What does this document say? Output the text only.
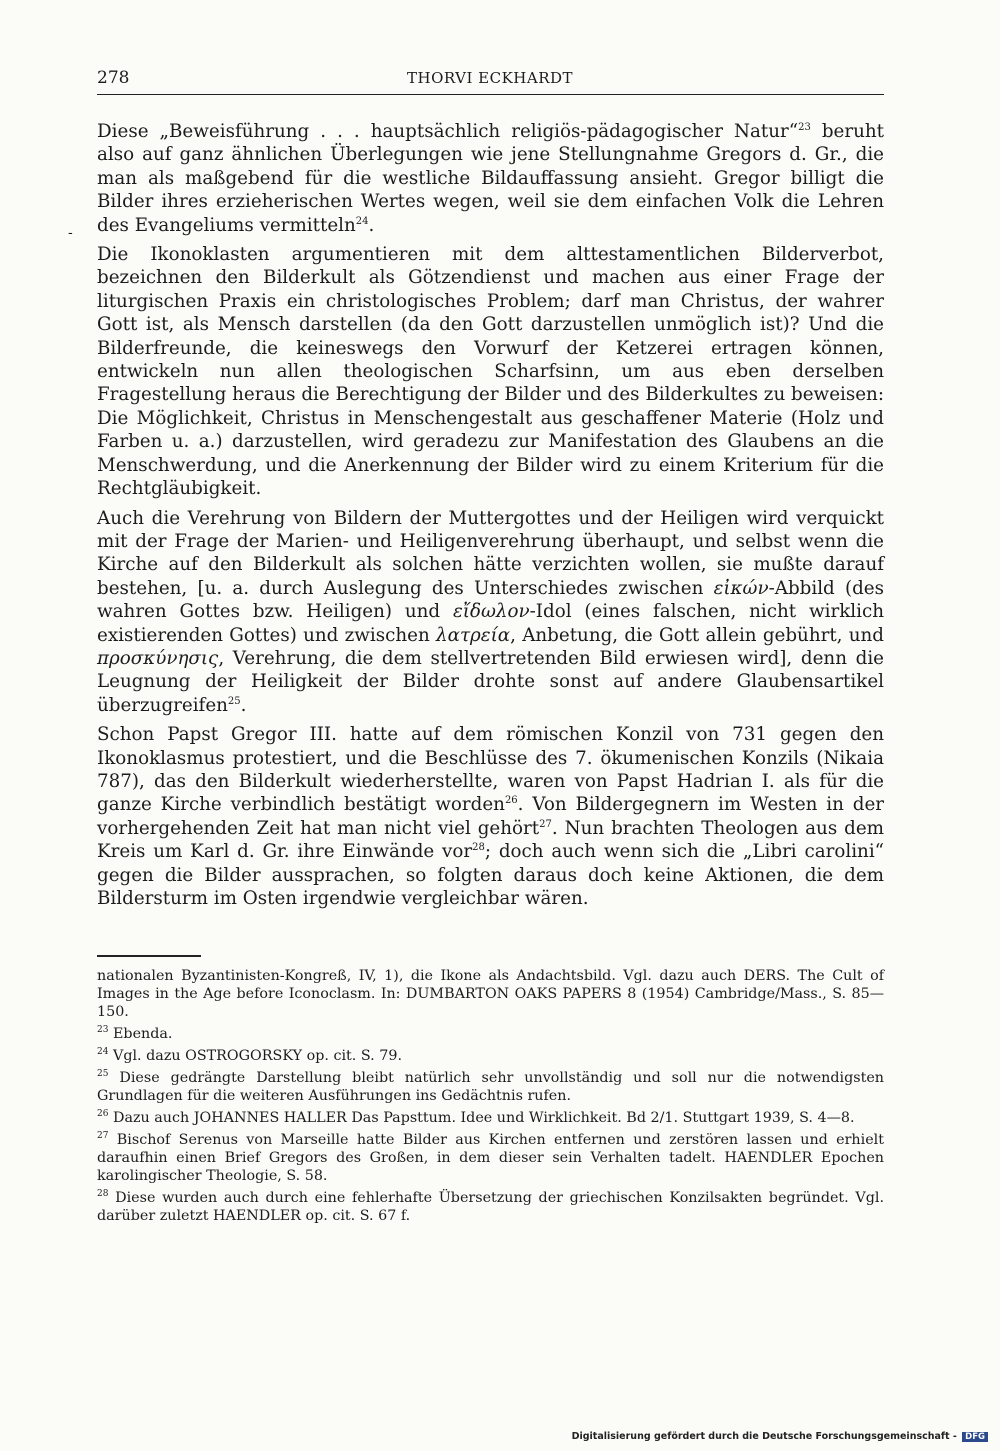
278	THORVI ECKHARDT
-

Diese „Beweisführung . . . hauptsächlich religiös-pädagogischer Natur“$^{23}$ beruht also auf ganz ähnlichen Überlegungen wie jene Stellungnahme Gregors d. Gr., die man als maßgebend für die westliche Bildauffassung ansieht. Gregor billigt die Bilder ihres erzieherischen Wertes wegen, weil sie dem einfachen Volk die Lehren des Evangeliums vermitteln$^{24}$.

Die Ikonoklasten argumentieren mit dem alttestamentlichen Bilderverbot, bezeichnen den Bilderkult als Götzendienst und machen aus einer Frage der liturgischen Praxis ein christologisches Problem; darf man Christus, der wahrer Gott ist, als Mensch darstellen (da den Gott darzustellen unmöglich ist)? Und die Bilderfreunde, die keineswegs den Vorwurf der Ketzerei ertragen können, entwickeln nun allen theologischen Scharfsinn, um aus eben derselben Fragestellung heraus die Berechtigung der Bilder und des Bilderkultes zu beweisen: Die Möglichkeit, Christus in Menschengestalt aus geschaffener Materie (Holz und Farben u. a.) darzustellen, wird geradezu zur Manifestation des Glaubens an die Menschwerdung, und die Anerkennung der Bilder wird zu einem Kriterium für die Rechtgläubigkeit.

Auch die Verehrung von Bildern der Muttergottes und der Heiligen wird verquickt mit der Frage der Marien- und Heiligenverehrung überhaupt, und selbst wenn die Kirche auf den Bilderkult als solchen hätte verzichten wollen, sie mußte darauf bestehen, [u. a. durch Auslegung des Unterschiedes zwischen εἰκών-Abbild (des wahren Gottes bzw. Heiligen) und εἴδωλον-Idol (eines falschen, nicht wirklich existierenden Gottes) und zwischen λατρεία, Anbetung, die Gott allein gebührt, und προσκύνησις, Verehrung, die dem stellvertretenden Bild erwiesen wird], denn die Leugnung der Heiligkeit der Bilder drohte sonst auf andere Glaubensartikel überzugreifen$^{25}$.

Schon Papst Gregor III. hatte auf dem römischen Konzil von 731 gegen den Ikonoklasmus protestiert, und die Beschlüsse des 7. ökumenischen Konzils (Nikaia 787), das den Bilderkult wiederherstellte, waren von Papst Hadrian I. als für die ganze Kirche verbindlich bestätigt worden$^{26}$. Von Bildergegnern im Westen in der vorhergehenden Zeit hat man nicht viel gehört$^{27}$. Nun brachten Theologen aus dem Kreis um Karl d. Gr. ihre Einwände vor$^{28}$; doch auch wenn sich die „Libri carolini“ gegen die Bilder aussprachen, so folgten daraus doch keine Aktionen, die dem Bildersturm im Osten irgendwie vergleichbar wären.

nationalen Byzantinisten-Kongreß, IV, 1), die Ikone als Andachtsbild. Vgl. dazu auch DERS. The Cult of Images in the Age before Iconoclasm. In: DUMBARTON OAKS PAPERS 8 (1954) Cambridge/Mass., S. 85—150.

$^{23}$ Ebenda.

$^{24}$ Vgl. dazu OSTROGORSKY op. cit. S. 79.

$^{25}$ Diese gedrängte Darstellung bleibt natürlich sehr unvollständig und soll nur die notwendigsten Grundlagen für die weiteren Ausführungen ins Gedächtnis rufen.

$^{26}$ Dazu auch JOHANNES HALLER Das Papsttum. Idee und Wirklichkeit. Bd 2/1. Stuttgart 1939, S. 4—8.

$^{27}$ Bischof Serenus von Marseille hatte Bilder aus Kirchen entfernen und zerstören lassen und erhielt daraufhin einen Brief Gregors des Großen, in dem dieser sein Verhalten tadelt. HAENDLER Epochen karolingischer Theologie, S. 58.

$^{28}$ Diese wurden auch durch eine fehlerhafte Übersetzung der griechischen Konzilsakten begründet. Vgl. darüber zuletzt HAENDLER op. cit. S. 67 f.

Digitalisierung gefördert durch die Deutsche Forschungsgemeinschaft - DFG
